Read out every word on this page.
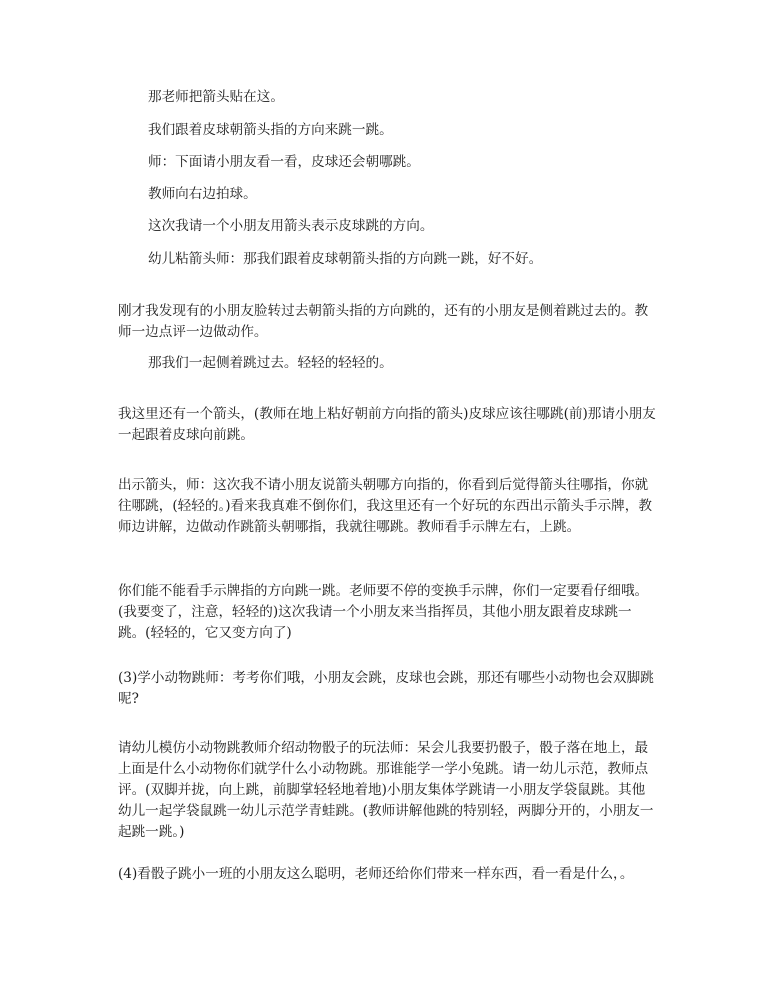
那老师把箭头贴在这。

我们跟着皮球朝箭头指的方向来跳一跳。

师：下面请小朋友看一看，皮球还会朝哪跳。

教师向右边拍球。

这次我请一个小朋友用箭头表示皮球跳的方向。

幼儿粘箭头师：那我们跟着皮球朝箭头指的方向跳一跳，好不好。

刚才我发现有的小朋友脸转过去朝箭头指的方向跳的，还有的小朋友是侧着跳过去的。教师一边点评一边做动作。

那我们一起侧着跳过去。轻轻的轻轻的。

我这里还有一个箭头，(教师在地上粘好朝前方向指的箭头)皮球应该往哪跳(前)那请小朋友一起跟着皮球向前跳。

出示箭头，师：这次我不请小朋友说箭头朝哪方向指的，你看到后觉得箭头往哪指，你就往哪跳，(轻轻的。)看来我真难不倒你们，我这里还有一个好玩的东西出示箭头手示牌，教师边讲解，边做动作跳箭头朝哪指，我就往哪跳。教师看手示牌左右，上跳。

你们能不能看手示牌指的方向跳一跳。老师要不停的变换手示牌，你们一定要看仔细哦。(我要变了，注意，轻轻的)这次我请一个小朋友来当指挥员，其他小朋友跟着皮球跳一跳。(轻轻的，它又变方向了)

(3)学小动物跳师：考考你们哦，小朋友会跳，皮球也会跳，那还有哪些小动物也会双脚跳呢?

请幼儿模仿小动物跳教师介绍动物骰子的玩法师：呆会儿我要扔骰子，骰子落在地上，最上面是什么小动物你们就学什么小动物跳。那谁能学一学小兔跳。请一幼儿示范，教师点评。(双脚并拢，向上跳，前脚掌轻轻地着地)小朋友集体学跳请一小朋友学袋鼠跳。其他幼儿一起学袋鼠跳一幼儿示范学青蛙跳。(教师讲解他跳的特别轻，两脚分开的，小朋友一起跳一跳。)

(4)看骰子跳小一班的小朋友这么聪明，老师还给你们带来一样东西，看一看是什么，。
